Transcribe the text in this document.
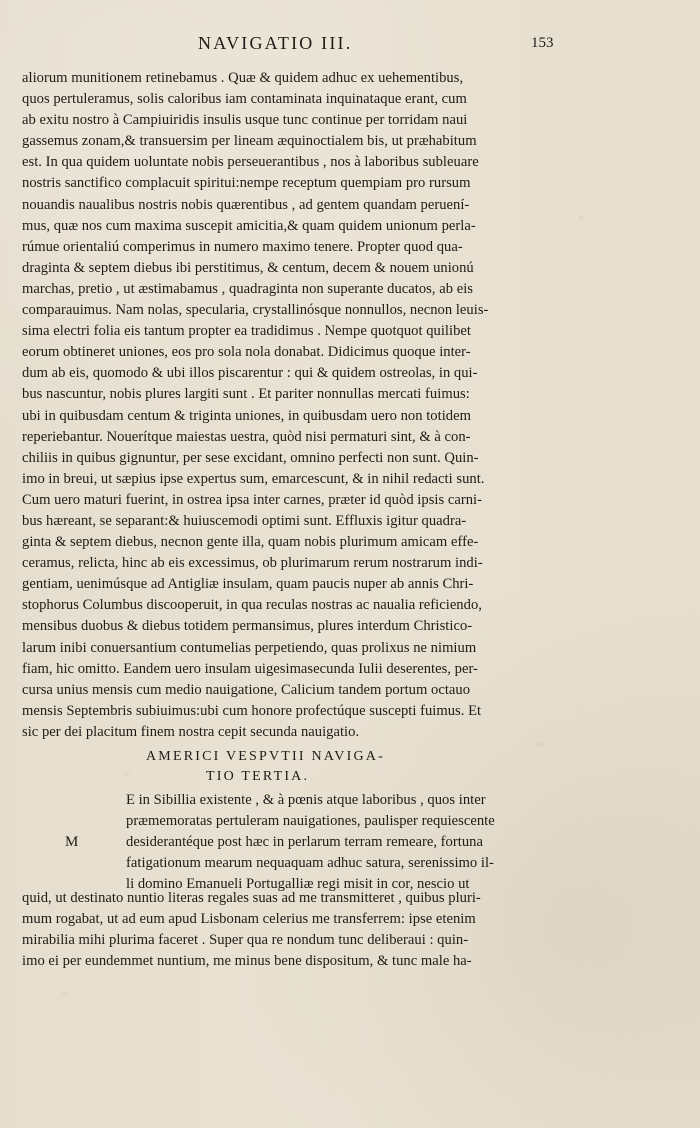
NAVIGATIO III.	153
aliorum munitionem retinebamus . Quæ & quidem adhuc ex uehementibus,
quos pertuleramus, solis caloribus iam contaminata inquinataque erant, cum
ab exitu nostro à Campiuiridis insulis usque tunc continue per torridam naui
gassemus zonam,& transuersim per lineam æquinoctialem bis, ut præhabitum
est. In qua quidem uoluntate nobis perseuerantibus , nos à laboribus subleuare
nostris sanctifico complacuit spiritui:nempe receptum quempiam pro rursum
nouandis naualibus nostris nobis quærentibus , ad gentem quandam peruení-
mus, quæ nos cum maxima suscepit amicitia,& quam quidem unionum perla-
rúmue orientaliú comperimus in numero maximo tenere. Propter quod qua-
draginta & septem diebus ibi perstitimus, & centum, decem & nouem unionú
marchas, pretio , ut æstimabamus , quadraginta non superante ducatos, ab eis
comparauimus. Nam nolas, specularia, crystallinósque nonnullos, necnon leuis-
sima electri folia eis tantum propter ea tradidimus . Nempe quotquot quilibet
eorum obtineret uniones, eos pro sola nola donabat. Didicimus quoque inter-
dum ab eis, quomodo & ubi illos piscarentur : qui & quidem ostreolas, in qui-
bus nascuntur, nobis plures largiti sunt . Et pariter nonnullas mercati fuimus:
ubi in quibusdam centum & triginta uniones, in quibusdam uero non totidem
reperiebantur. Nouerítque maiestas uestra, quòd nisi permaturi sint, & à con-
chiliis in quibus gignuntur, per sese excidant, omnino perfecti non sunt. Quin-
imo in breui, ut sæpius ipse expertus sum, emarcescunt, & in nihil redacti sunt.
Cum uero maturi fuerint, in ostrea ipsa inter carnes, præter id quòd ipsis carni-
bus hæreant, se separant:& huiuscemodi optimi sunt. Effluxis igitur quadra-
ginta & septem diebus, necnon gente illa, quam nobis plurimum amicam effe-
ceramus, relicta, hinc ab eis excessimus, ob plurimarum rerum nostrarum indi-
gentiam, uenimúsque ad Antigliæ insulam, quam paucis nuper ab annis Chri-
stophorus Columbus discooperuit, in qua reculas nostras ac naualia reficiendo,
mensibus duobus & diebus totidem permansimus, plures interdum Christico-
larum inibi conuersantium contumelias perpetiendo, quas prolixus ne nimium
fiam, hic omitto. Eandem uero insulam uigesimasecunda Iulii deserentes, per-
cursa unius mensis cum medio nauigatione, Calicium tandem portum octauo
mensis Septembris subiuimus:ubi cum honore profectúque suscepti fuimus. Et
sic per dei placitum finem nostra cepit secunda nauigatio.
AMERICI VESPVTII NAVIGA-
TIO TERTIA.
M
E in Sibillia existente , & à pœnis atque laboribus , quos inter
præmemoratas pertuleram nauigationes, paulisper requiescente
desiderantéque post hæc in perlarum terram remeare, fortuna
fatigationum mearum nequaquam adhuc satura, serenissimo il-
li domino Emanueli Portugalliæ regi misit in cor, nescio ut
quid, ut destinato nuntio literas regales suas ad me transmitteret , quibus pluri-
mum rogabat, ut ad eum apud Lisbonam celerius me transferrem: ipse etenim
mirabilia mihi plurima faceret . Super qua re nondum tunc deliberaui : quin-
imo ei per eundemmet nuntium, me minus bene dispositum, & tunc male ha-
